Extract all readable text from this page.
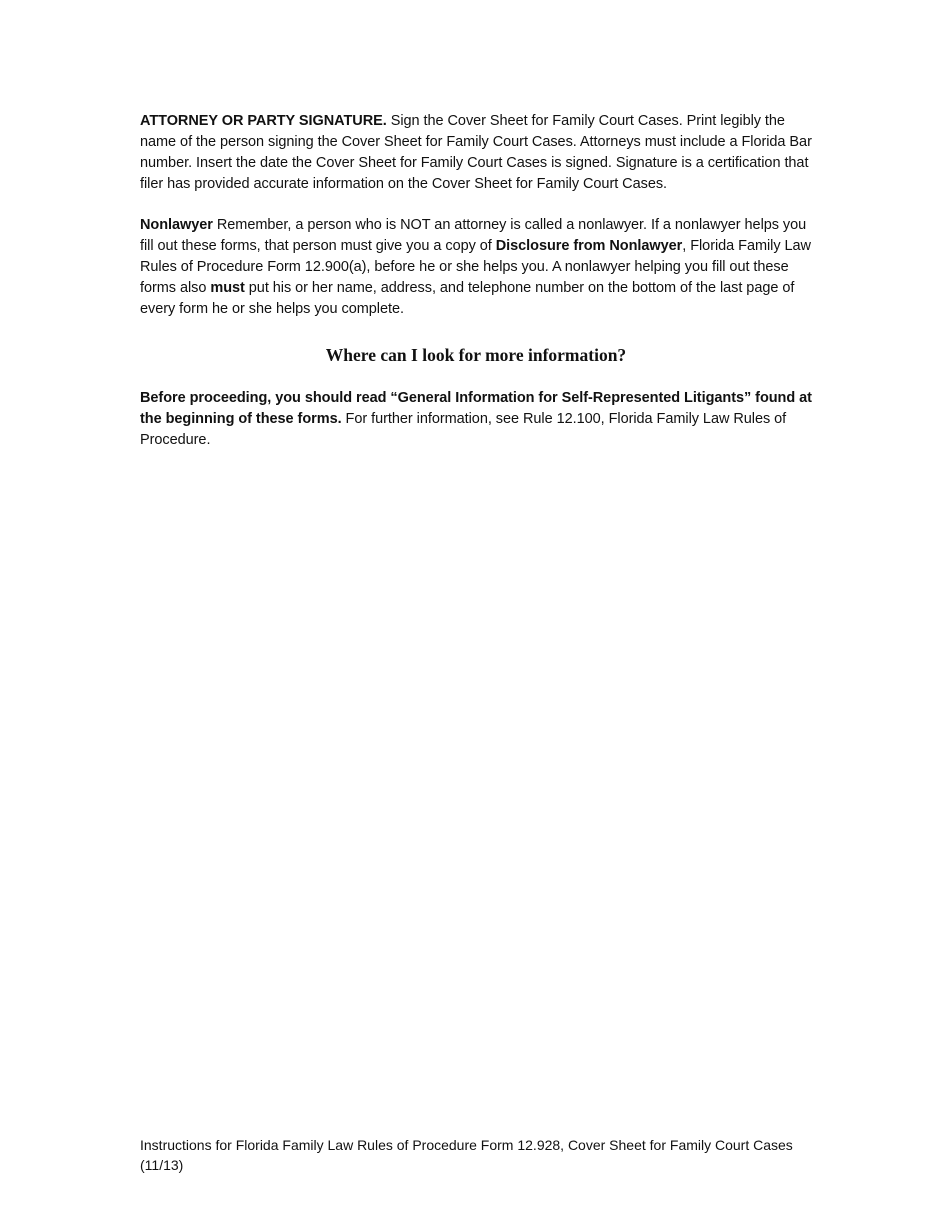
ATTORNEY OR PARTY SIGNATURE. Sign the Cover Sheet for Family Court Cases. Print legibly the name of the person signing the Cover Sheet for Family Court Cases. Attorneys must include a Florida Bar number. Insert the date the Cover Sheet for Family Court Cases is signed. Signature is a certification that filer has provided accurate information on the Cover Sheet for Family Court Cases.

Nonlawyer Remember, a person who is NOT an attorney is called a nonlawyer. If a nonlawyer helps you fill out these forms, that person must give you a copy of Disclosure from Nonlawyer, Florida Family Law Rules of Procedure Form 12.900(a), before he or she helps you. A nonlawyer helping you fill out these forms also must put his or her name, address, and telephone number on the bottom of the last page of every form he or she helps you complete.

Where can I look for more information?

Before proceeding, you should read “General Information for Self-Represented Litigants” found at the beginning of these forms. For further information, see Rule 12.100, Florida Family Law Rules of Procedure.

Instructions for Florida Family Law Rules of Procedure Form 12.928, Cover Sheet for Family Court Cases (11/13)
